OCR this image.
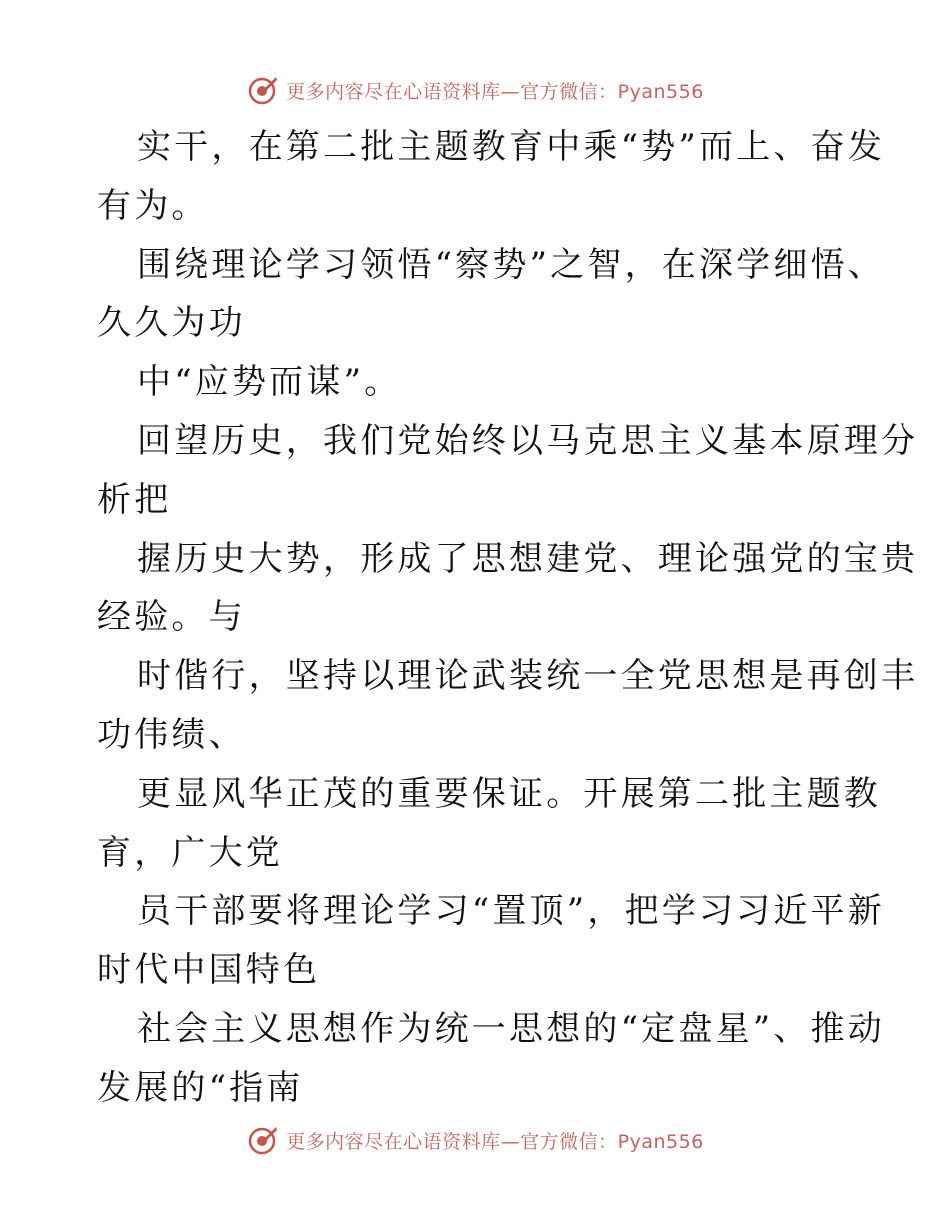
更多内容尽在心语资料库—官方微信：Pyan556
实干，在第二批主题教育中乘“势”而上、奋发
有为。
围绕理论学习领悟“察势”之智，在深学细悟、
久久为功
中“应势而谋”。
回望历史，我们党始终以马克思主义基本原理分
析把
握历史大势，形成了思想建党、理论强党的宝贵
经验。与
时偕行，坚持以理论武装统一全党思想是再创丰
功伟绩、
更显风华正茂的重要保证。开展第二批主题教
育，广大党
员干部要将理论学习“置顶”，把学习习近平新
时代中国特色
社会主义思想作为统一思想的“定盘星”、推动
发展的“指南
更多内容尽在心语资料库—官方微信：Pyan556
